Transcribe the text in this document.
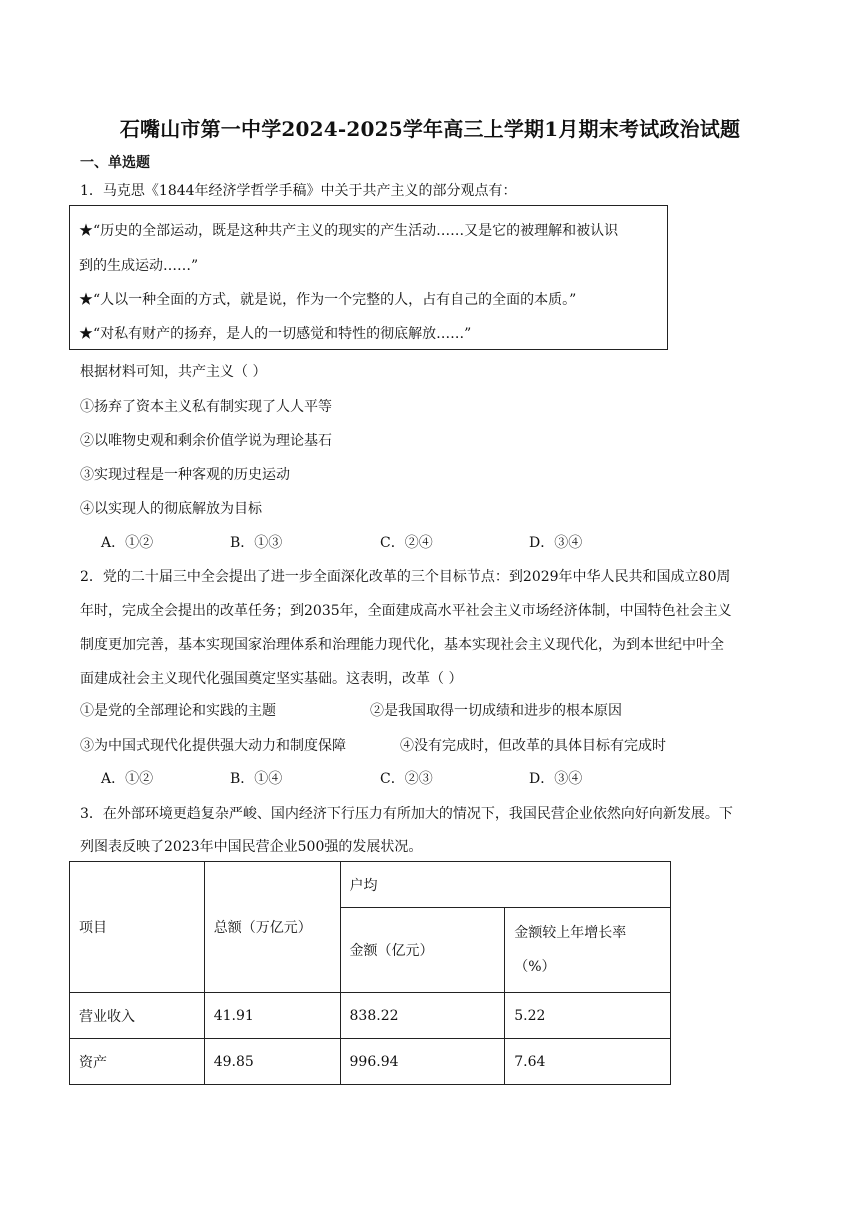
石嘴山市第一中学2024-2025学年高三上学期1月期末考试政治试题
一、单选题
1．马克思《1844年经济学哲学手稿》中关于共产主义的部分观点有：
★“历史的全部运动，既是这种共产主义的现实的产生活动……又是它的被理解和被认识
到的生成运动……”
★“人以一种全面的方式，就是说，作为一个完整的人，占有自己的全面的本质。”
★“对私有财产的扬弃，是人的一切感觉和特性的彻底解放……”
根据材料可知，共产主义（ ）
①扬弃了资本主义私有制实现了人人平等
②以唯物史观和剩余价值学说为理论基石
③实现过程是一种客观的历史运动
④以实现人的彻底解放为目标
A．①②	B．①③	C．②④	D．③④
2．党的二十届三中全会提出了进一步全面深化改革的三个目标节点：到2029年中华人民共和国成立80周
年时，完成全会提出的改革任务；到2035年，全面建成高水平社会主义市场经济体制，中国特色社会主义
制度更加完善，基本实现国家治理体系和治理能力现代化，基本实现社会主义现代化，为到本世纪中叶全
面建成社会主义现代化强国奠定坚实基础。这表明，改革（ ）
①是党的全部理论和实践的主题	②是我国取得一切成绩和进步的根本原因
③为中国式现代化提供强大动力和制度保障	④没有完成时，但改革的具体目标有完成时
A．①②	B．①④	C．②③	D．③④
3．在外部环境更趋复杂严峻、国内经济下行压力有所加大的情况下，我国民营企业依然向好向新发展。下
列图表反映了2023年中国民营企业500强的发展状况。
项目	总额（万亿元）	户均	
		金额（亿元）	金额较上年增长率
（%）

营业收入	41.91	838.22	5.22
资产	49.85	996.94	7.64
